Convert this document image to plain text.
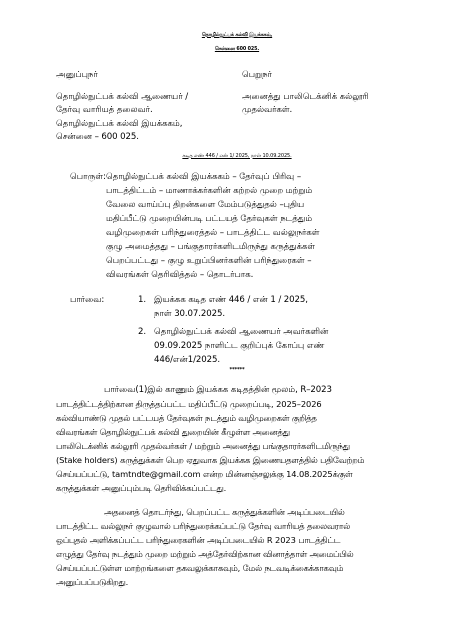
தொழில்நுட்பக் கல்வி இயக்ககம்,
சென்னை 600 025.
அனுப்புநர்	பெறுநர்
தொழில்நுட்பக் கல்வி ஆணையர் /
தேர்வு வாரியத் தலைவர்.
தொழில்நுட்பக் கல்வி இயக்ககம்,
சென்னை – 600 025.
அனைத்து பாலிடெக்னிக் கல்லூரி
முதல்வர்கள்.
கடித எண் 446 / என் 1/ 2025, நாள் 10.09.2025.
பொருள்: தொழில்நுட்பக் கல்வி இயக்ககம் – தேர்வுப் பிரிவு –
பாடத்திட்டம் – மாணாக்கர்களின் கற்றல் முறை மற்றும்
வேலை வாய்ப்பு திறன்களை மேம்படுத்துதல் –புதிய
மதிப்பீட்டு முறையின்படி பட்டயத் தேர்வுகள் நடத்தும்
வழிமுறைகள் பரிந்துரைத்தல் – பாடத்திட்ட வல்லுநர்கள்
குழு அமைத்தது – பங்குதாரர்களிடமிருந்து கருத்துக்கள்
பெறப்பட்டது – குழு உறுப்பினர்களின் பரிந்துரைகள் –
விவரங்கள் தெரிவித்தல் – தொடர்பாக.
பார்வை:	1. இயக்கக கடித எண் 446 / என் 1 / 2025,
நாள் 30.07.2025.
2. தொழில்நுட்பக் கல்வி ஆணையர் அவர்களின்
09.09.2025 நாளிட்ட குறிப்புக் கோப்பு எண்
446/என்1/2025.
******
பார்வை(1)இல் காணும் இயக்கக கடிதத்தின் மூலம், R–2023
பாடத்திட்டத்திற்கான திருத்தப்பட்ட மதிப்பீட்டு முறைப்படி, 2025–2026
கல்வியாண்டு முதல் பட்டயத் தேர்வுகள் நடத்தும் வழிமுறைகள் குறித்த
விவரங்கள் தொழில்நுட்பக் கல்வி துறையின் கீழுள்ள அனைத்து
பாலிடெக்னிக் கல்லூரி முதல்வர்கள் / மற்றும் அனைத்து பங்குதாரர்களிடமிருந்து
(Stake holders) கருத்துக்கள் பெற ஏதுவாக இயக்கக இணையதளத்தில் பதிவேற்றம்
செய்யப்பட்டு, tamtndte@gmail.com என்ற மின்னஞ்சலுக்கு 14.08.2025க்குள்
கருத்துக்கள் அனுப்பும்படி தெரிவிக்கப்பட்டது.
அதனைத் தொடர்ந்து, பெறப்பட்ட கருத்துக்களின் அடிப்படையில்
பாடத்திட்ட வல்லுநர் குழுவால் பரிந்துரைக்கப்பட்டு தேர்வு வாரியத் தலைவரால்
ஒப்புதல் அளிக்கப்பட்ட பரிந்துரைகளின் அடிப்படையில் R 2023 பாடத்திட்ட
எழுத்து தேர்வு நடத்தும் முறை மற்றும் அத்தேர்விற்கான வினாத்தாள் அமைப்பில்
செய்யப்பட்டுள்ள மாற்றங்களை தகவலுக்காகவும், மேல் நடவடிக்கைக்காகவும்
அனுப்பப்படுகிறது.
